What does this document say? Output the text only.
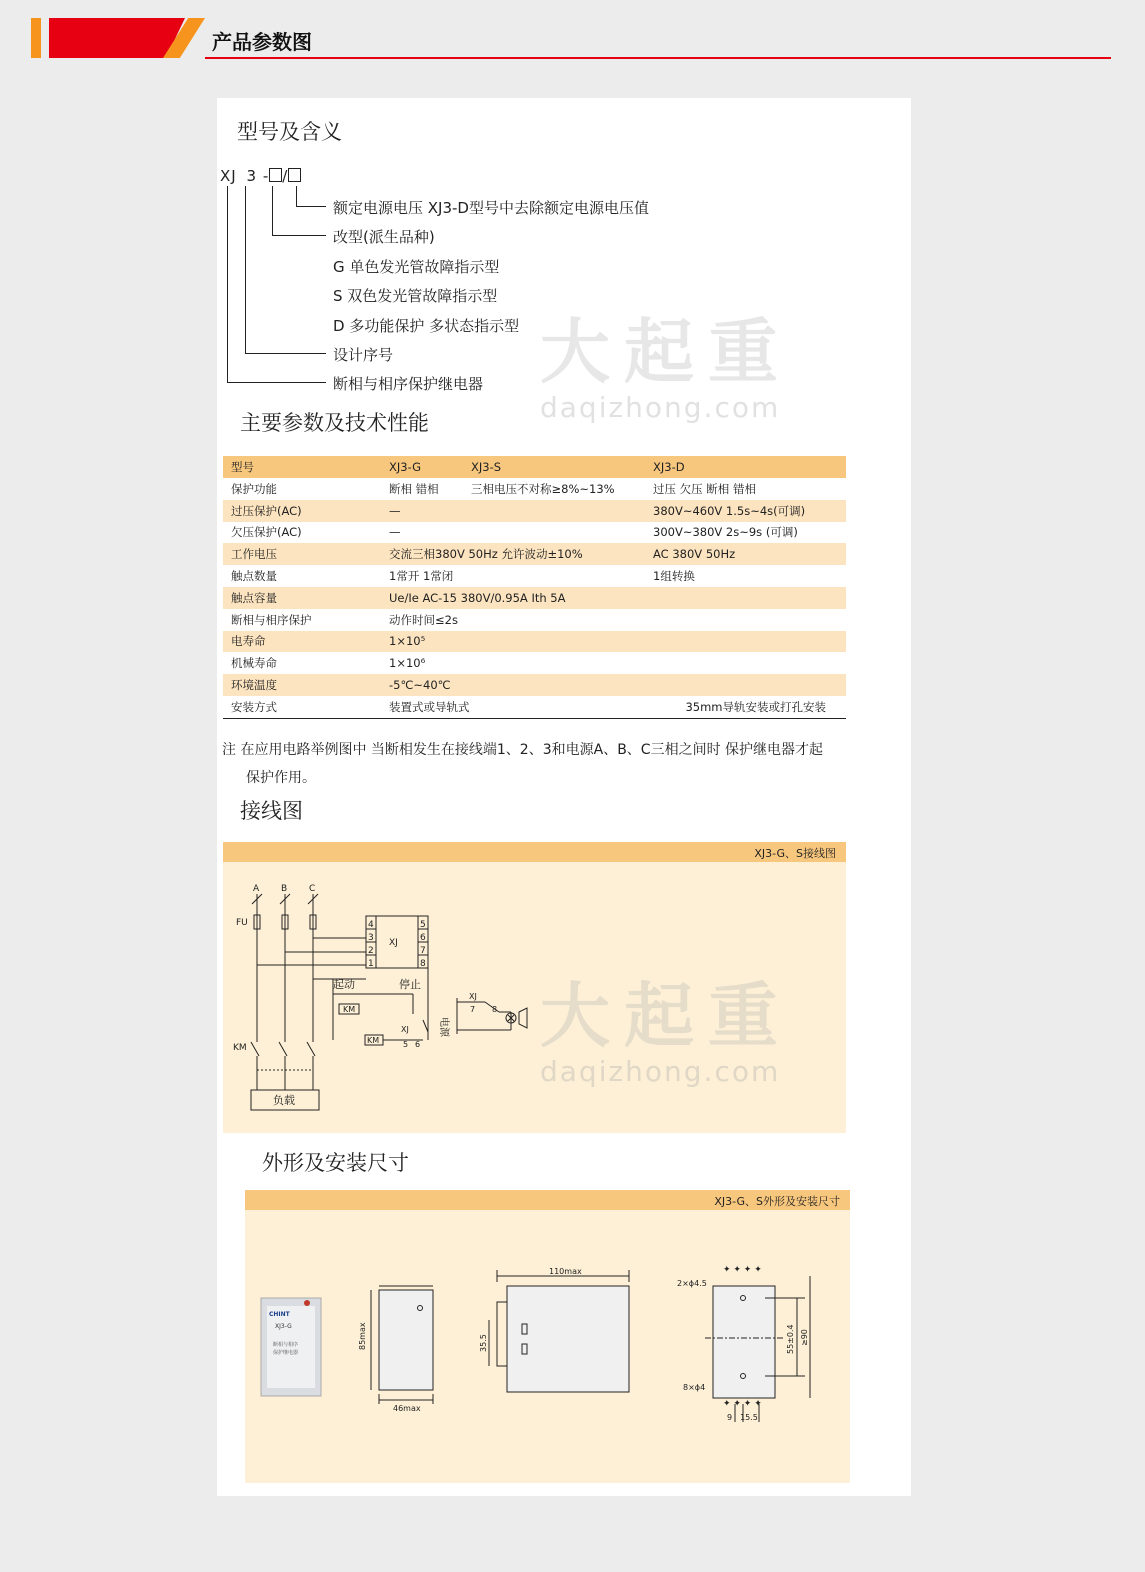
产品参数图
型号及含义
XJ 3 - /
额定电源电压 XJ3-D型号中去除额定电源电压值
改型(派生品种)
G 单色发光管故障指示型
S 双色发光管故障指示型
D 多功能保护 多状态指示型
设计序号
断相与相序保护继电器
主要参数及技术性能
型号	XJ3-G	XJ3-S	XJ3-D
保护功能	断相 错相	三相电压不对称≥8%~13%	过压 欠压 断相 错相
过压保护(AC)	—		380V~460V 1.5s~4s(可调)
欠压保护(AC)	—		300V~380V 2s~9s (可调)
工作电压	交流三相380V 50Hz 允许波动±10%		AC 380V 50Hz
触点数量	1常开 1常闭		1组转换
触点容量	Ue/Ie AC-15 380V/0.95A Ith 5A		
断相与相序保护	动作时间≤2s		
电寿命	1×10⁵		
机械寿命	1×10⁶		
环境温度	-5℃~40℃		
安装方式	装置式或导轨式		35mm导轨安装或打孔安装
注 在应用电路举例图中 当断相发生在接线端1、2、3和电源A、B、C三相之间时 保护继电器才起
保护作用。
接线图
XJ3-G、S接线图
A B C
FU
XJ
4
3
2
1
5
6
7
8
起动	停止
KM
KM
XJ
5 6
XJ
7 8
电源
KM
负载
外形及安装尺寸
XJ3-G、S外形及安装尺寸
CHINT
XJ3-G
断相与相序
保护继电器
85max
46max
110max
35.5
2×ϕ4.5
8×ϕ4
55±0.4 ≥90
9 15.5
✦ ✦ ✦ ✦
✦ ✦ ✦ ✦
大起重
daqizhong.com
大起重
daqizhong.com
